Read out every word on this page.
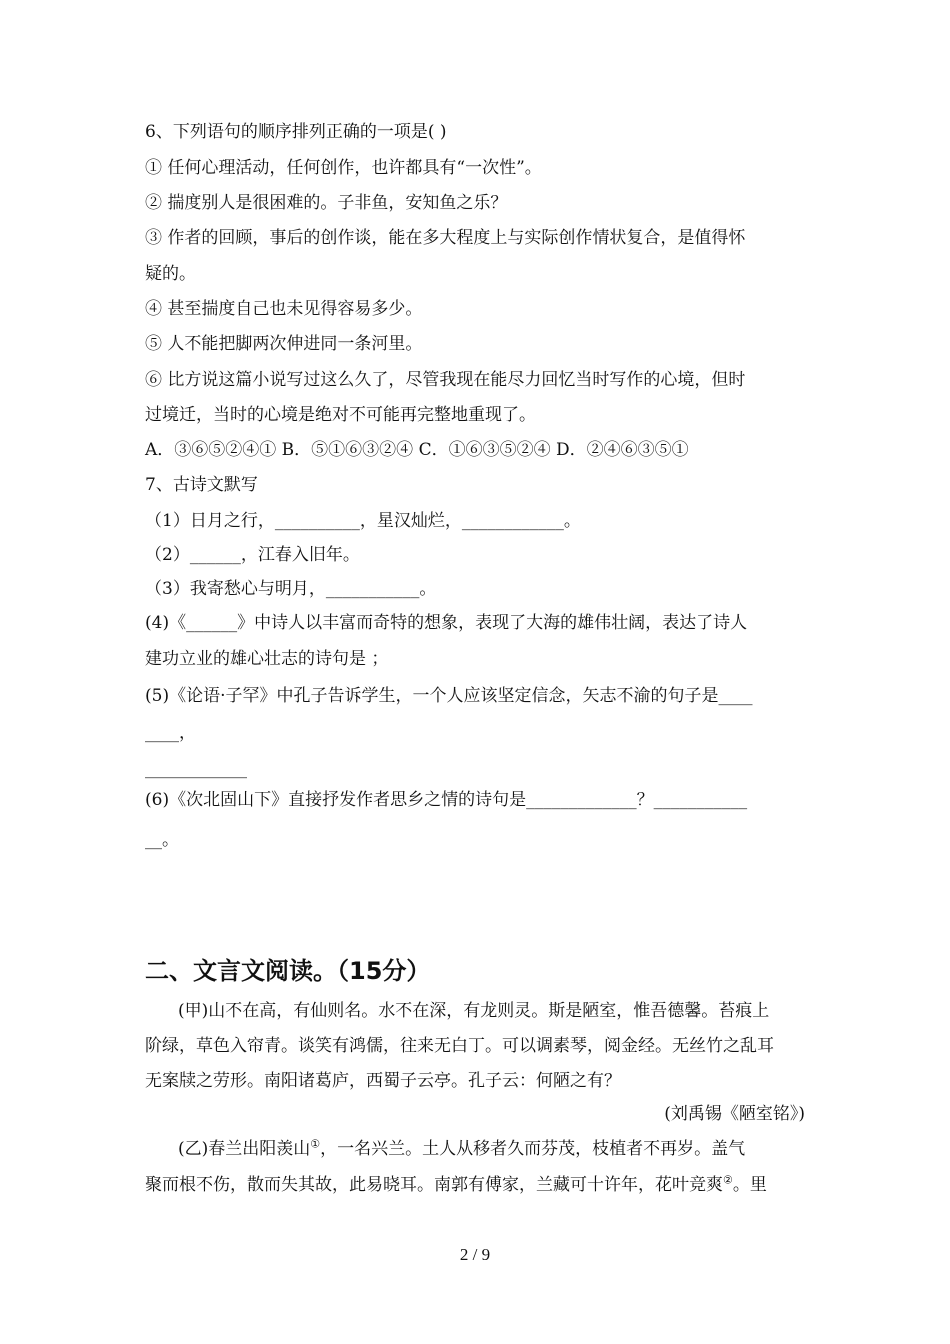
6、下列语句的顺序排列正确的一项是( )
① 任何心理活动，任何创作，也许都具有“一次性”。
② 揣度别人是很困难的。子非鱼，安知鱼之乐？
③ 作者的回顾，事后的创作谈，能在多大程度上与实际创作情状复合，是值得怀
疑的。
④ 甚至揣度自己也未见得容易多少。
⑤ 人不能把脚两次伸进同一条河里。
⑥ 比方说这篇小说写过这么久了，尽管我现在能尽力回忆当时写作的心境，但时
过境迁，当时的心境是绝对不可能再完整地重现了。
A．③⑥⑤②④① B．⑤①⑥③②④ C．①⑥③⑤②④ D．②④⑥③⑤①
7、古诗文默写
（1）日月之行，__________，星汉灿烂，____________。
（2）______，江春入旧年。
（3）我寄愁心与明月，___________。
(4)《______》中诗人以丰富而奇特的想象，表现了大海的雄伟壮阔，表达了诗人
建功立业的雄心壮志的诗句是 ；
(5)《论语·子罕》中孔子告诉学生，一个人应该坚定信念，矢志不渝的句子是____
____，
____________
(6)《次北固山下》直接抒发作者思乡之情的诗句是_____________？___________
__。
二、文言文阅读。（15分）
(甲)山不在高，有仙则名。水不在深，有龙则灵。斯是陋室，惟吾德馨。苔痕上
阶绿，草色入帘青。谈笑有鸿儒，往来无白丁。可以调素琴，阅金经。无丝竹之乱耳
无案牍之劳形。南阳诸葛庐，西蜀子云亭。孔子云：何陋之有？
(刘禹锡《陋室铭》)
(乙)春兰出阳羡山①，一名兴兰。土人从移者久而芬茂，枝植者不再岁。盖气
聚而根不伤，散而失其故，此易晓耳。南郭有傅家，兰藏可十许年，花叶竞爽②。里
2 / 9
